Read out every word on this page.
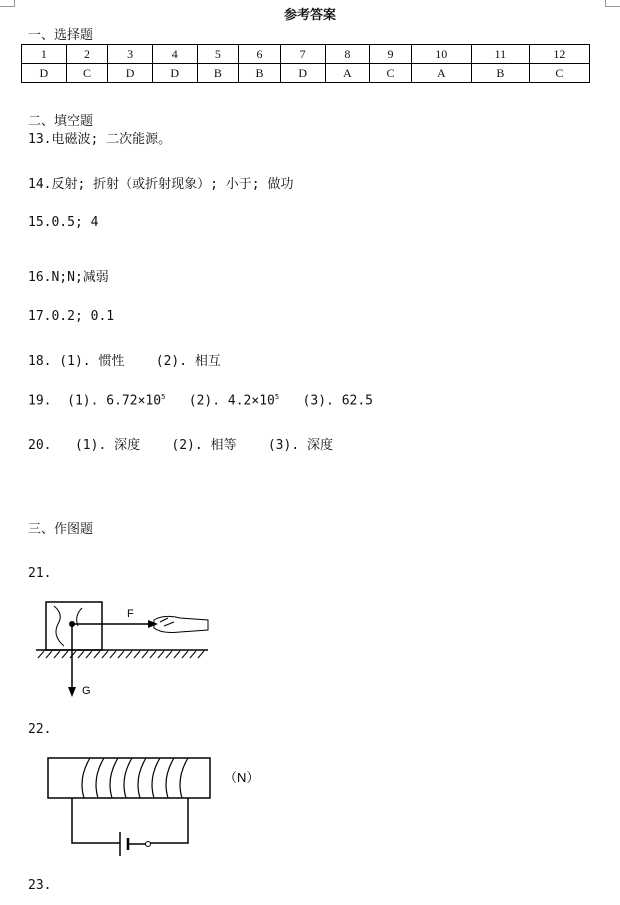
参考答案
一、选择题
1	2	3	4	5	6	7	8	9	10	11	12
D	C	D	D	B	B	D	A	C	A	B	C
二、填空题
13.电磁波; 二次能源。
14.反射; 折射（或折射现象）; 小于; 做功
15.0.5; 4
16.N;N;减弱
17.0.2; 0.1
18. (1). 惯性    (2). 相互
19.  (1). $6.72\times 10^5$   (2). $4.2\times 10^5$   (3). 62.5
20.   (1). 深度    (2). 相等    (3). 深度
三、作图题
21.
F
G
22.
（N）
23.
